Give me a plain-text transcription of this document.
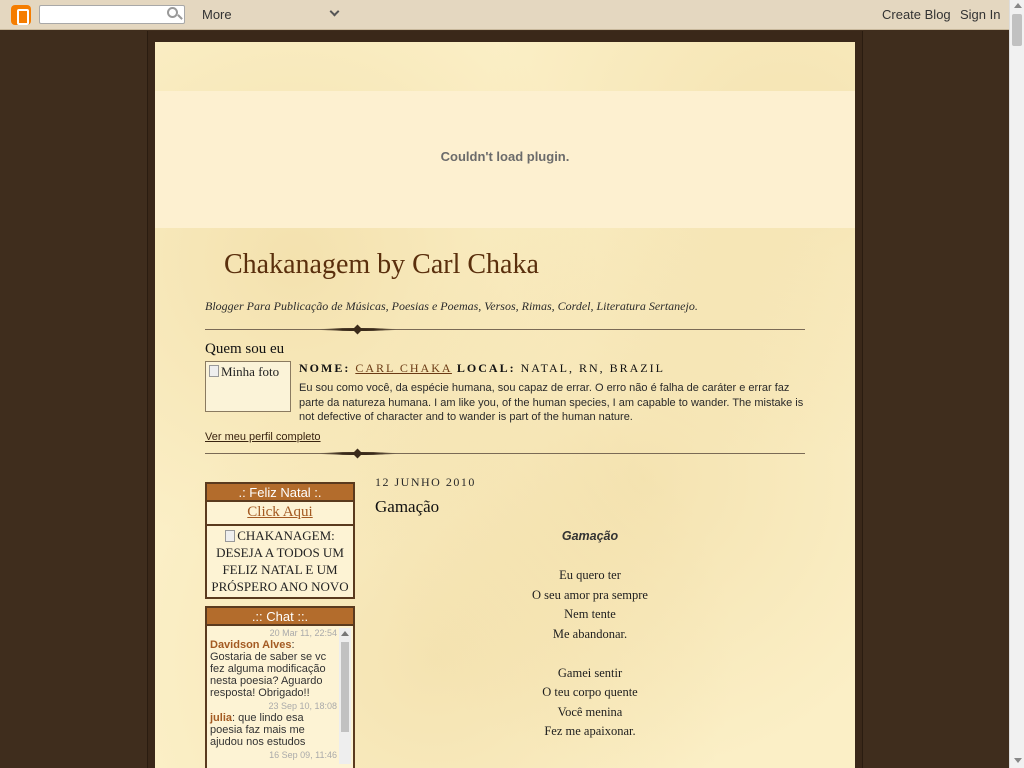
More	Create Blog Sign In
Couldn't load plugin.
Chakanagem by Carl Chaka
Blogger Para Publicação de Músicas, Poesias e Poemas, Versos, Rimas, Cordel, Literatura Sertanejo.
Quem sou eu
Minha foto NOME: CARL CHAKA LOCAL: NATAL, RN, BRAZIL
Eu sou como você, da espécie humana, sou capaz de errar. O erro não é falha de caráter e errar faz parte da natureza humana. I am like you, of the human species, I am capable to wander. The mistake is not defective of character and to wander is part of the human nature.
Ver meu perfil completo
.: Feliz Natal :.
Click Aqui
CHAKANAGEM: DESEJA A TODOS UM FELIZ NATAL E UM PRÓSPERO ANO NOVO
.:: Chat ::.
20 Mar 11, 22:54
Davidson Alves: Gostaria de saber se vc fez alguma modificação nesta poesia? Aguardo resposta! Obrigado!!
23 Sep 10, 18:08
julia: que lindo esa poesia faz mais me ajudou nos estudos
16 Sep 09, 11:46
12 JUNHO 2010
Gamação
Gamação

Eu quero ter
O seu amor pra sempre
Nem tente
Me abandonar.

Gamei sentir
O teu corpo quente
Você menina
Fez me apaixonar.
